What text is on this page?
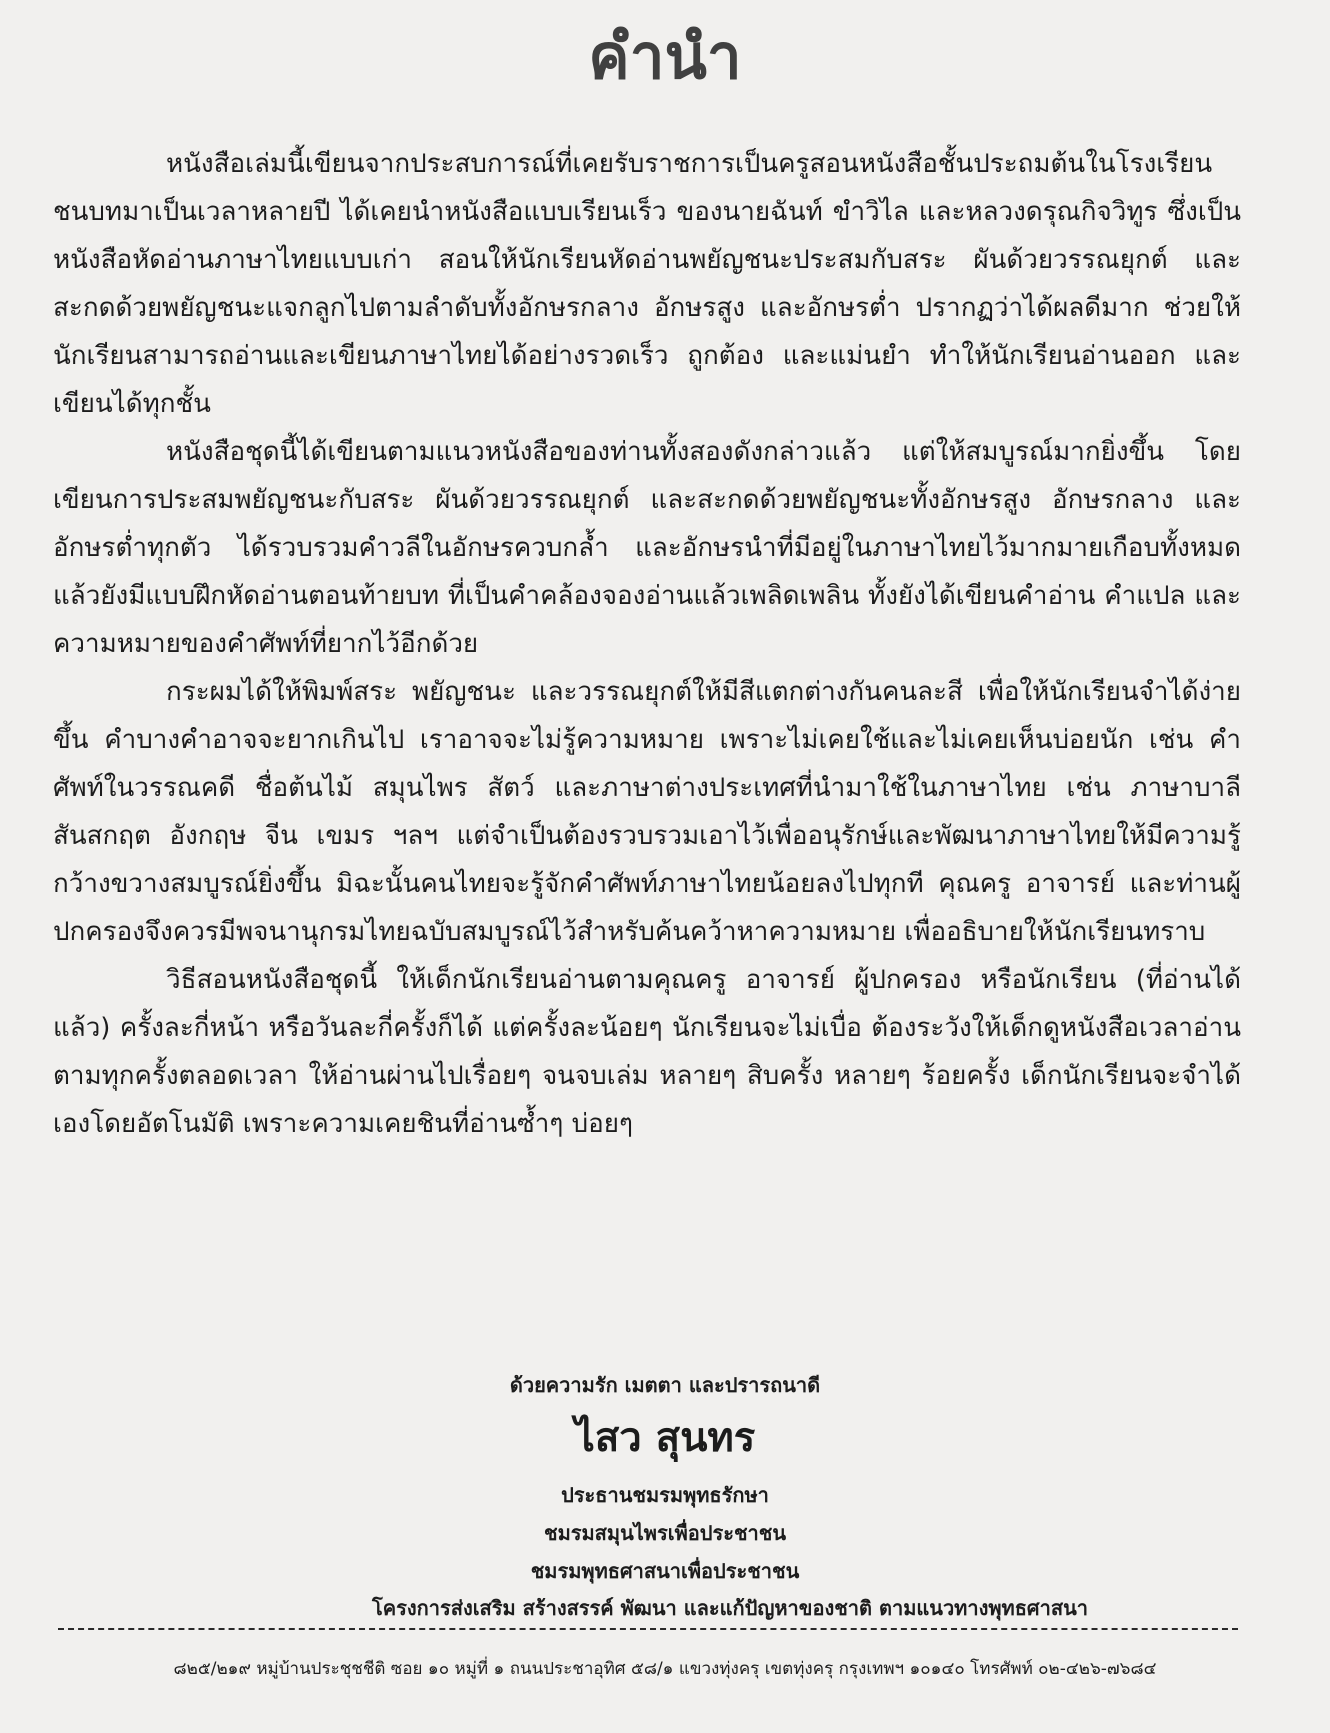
คำนำ

หนังสือเล่มนี้เขียนจากประสบการณ์ที่เคยรับราชการเป็นครูสอนหนังสือชั้นประถมต้นในโรงเรียนชนบทมาเป็นเวลาหลายปี ได้เคยนำหนังสือแบบเรียนเร็ว ของนายฉันท์ ขำวิไล และหลวงดรุณกิจวิทูร ซึ่งเป็นหนังสือหัดอ่านภาษาไทยแบบเก่า สอนให้นักเรียนหัดอ่านพยัญชนะประสมกับสระ ผันด้วยวรรณยุกต์ และสะกดด้วยพยัญชนะแจกลูกไปตามลำดับทั้งอักษรกลาง อักษรสูง และอักษรต่ำ ปรากฏว่าได้ผลดีมาก ช่วยให้นักเรียนสามารถอ่านและเขียนภาษาไทยได้อย่างรวดเร็ว ถูกต้อง และแม่นยำ ทำให้นักเรียนอ่านออก และเขียนได้ทุกชั้น

หนังสือชุดนี้ได้เขียนตามแนวหนังสือของท่านทั้งสองดังกล่าวแล้ว แต่ให้สมบูรณ์มากยิ่งขึ้น โดยเขียนการประสมพยัญชนะกับสระ ผันด้วยวรรณยุกต์ และสะกดด้วยพยัญชนะทั้งอักษรสูง อักษรกลาง และอักษรต่ำทุกตัว ได้รวบรวมคำวลีในอักษรควบกล้ำ และอักษรนำที่มีอยู่ในภาษาไทยไว้มากมายเกือบทั้งหมด แล้วยังมีแบบฝึกหัดอ่านตอนท้ายบท ที่เป็นคำคล้องจองอ่านแล้วเพลิดเพลิน ทั้งยังได้เขียนคำอ่าน คำแปล และความหมายของคำศัพท์ที่ยากไว้อีกด้วย

กระผมได้ให้พิมพ์สระ พยัญชนะ และวรรณยุกต์ให้มีสีแตกต่างกันคนละสี เพื่อให้นักเรียนจำได้ง่ายขึ้น คำบางคำอาจจะยากเกินไป เราอาจจะไม่รู้ความหมาย เพราะไม่เคยใช้และไม่เคยเห็นบ่อยนัก เช่น คำศัพท์ในวรรณคดี ชื่อต้นไม้ สมุนไพร สัตว์ และภาษาต่างประเทศที่นำมาใช้ในภาษาไทย เช่น ภาษาบาลี สันสกฤต อังกฤษ จีน เขมร ฯลฯ แต่จำเป็นต้องรวบรวมเอาไว้เพื่ออนุรักษ์และพัฒนาภาษาไทยให้มีความรู้กว้างขวางสมบูรณ์ยิ่งขึ้น มิฉะนั้นคนไทยจะรู้จักคำศัพท์ภาษาไทยน้อยลงไปทุกที คุณครู อาจารย์ และท่านผู้ปกครองจึงควรมีพจนานุกรมไทยฉบับสมบูรณ์ไว้สำหรับค้นคว้าหาความหมาย เพื่ออธิบายให้นักเรียนทราบ

วิธีสอนหนังสือชุดนี้ ให้เด็กนักเรียนอ่านตามคุณครู อาจารย์ ผู้ปกครอง หรือนักเรียน (ที่อ่านได้แล้ว) ครั้งละกี่หน้า หรือวันละกี่ครั้งก็ได้ แต่ครั้งละน้อยๆ นักเรียนจะไม่เบื่อ ต้องระวังให้เด็กดูหนังสือเวลาอ่านตามทุกครั้งตลอดเวลา ให้อ่านผ่านไปเรื่อยๆ จนจบเล่ม หลายๆ สิบครั้ง หลายๆ ร้อยครั้ง เด็กนักเรียนจะจำได้เองโดยอัตโนมัติ เพราะความเคยชินที่อ่านซ้ำๆ บ่อยๆ

ด้วยความรัก เมตตา และปรารถนาดี
ไสว สุนทร
ประธานชมรมพุทธรักษา
ชมรมสมุนไพรเพื่อประชาชน
ชมรมพุทธศาสนาเพื่อประชาชน
โครงการส่งเสริม สร้างสรรค์ พัฒนา และแก้ปัญหาของชาติ ตามแนวทางพุทธศาสนา
๘๒๕/๒๑๙ หมู่บ้านประชุชชีติ ซอย ๑๐ หมู่ที่ ๑ ถนนประชาอุทิศ ๕๘/๑ แขวงทุ่งครุ เขตทุ่งครุ กรุงเทพฯ ๑๐๑๔๐ โทรศัพท์ ๐๒-๔๒๖-๗๖๘๔
